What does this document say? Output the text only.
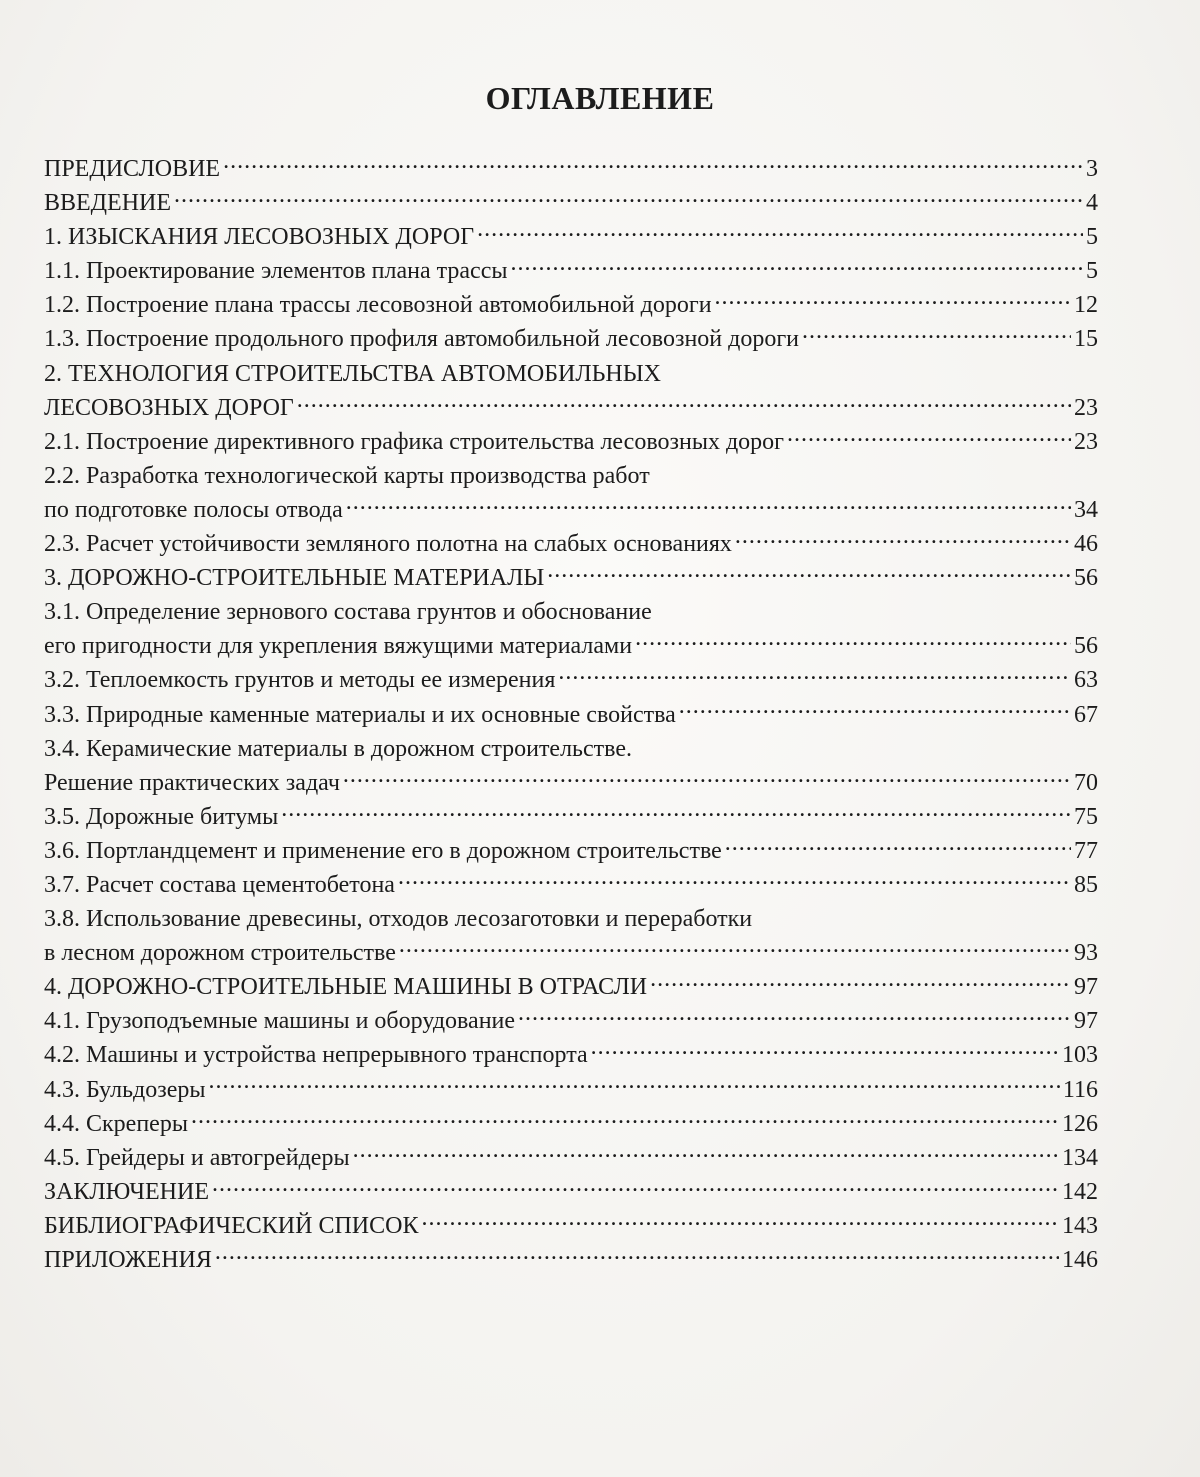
ОГЛАВЛЕНИЕ
ПРЕДИСЛОВИЕ .....	3
ВВЕДЕНИЕ .....	4
1. ИЗЫСКАНИЯ ЛЕСОВОЗНЫХ ДОРОГ .....	5
1.1. Проектирование элементов плана трассы .....	5
1.2. Построение плана трассы лесовозной автомобильной дороги .....	12
1.3. Построение продольного профиля автомобильной лесовозной дороги .....	15
2. ТЕХНОЛОГИЯ СТРОИТЕЛЬСТВА АВТОМОБИЛЬНЫХ
ЛЕСОВОЗНЫХ ДОРОГ .....	23
2.1. Построение директивного графика строительства лесовозных дорог .....	23
2.2. Разработка технологической карты производства работ
по подготовке полосы отвода .....	34
2.3. Расчет устойчивости земляного полотна на слабых основаниях .....	46
3. ДОРОЖНО-СТРОИТЕЛЬНЫЕ МАТЕРИАЛЫ .....	56
3.1. Определение зернового состава грунтов и обоснование
его пригодности для укрепления вяжущими материалами .....	56
3.2. Теплоемкость грунтов и методы ее измерения .....	63
3.3. Природные каменные материалы и их основные свойства .....	67
3.4. Керамические материалы в дорожном строительстве.
Решение практических задач .....	70
3.5. Дорожные битумы .....	75
3.6. Портландцемент и применение его в дорожном строительстве .....	77
3.7. Расчет состава цементобетона .....	85
3.8. Использование древесины, отходов лесозаготовки и переработки
в лесном дорожном строительстве .....	93
4. ДОРОЖНО-СТРОИТЕЛЬНЫЕ МАШИНЫ В ОТРАСЛИ .....	97
4.1. Грузоподъемные машины и оборудование .....	97
4.2. Машины и устройства непрерывного транспорта .....	103
4.3. Бульдозеры .....	116
4.4. Скреперы .....	126
4.5. Грейдеры и автогрейдеры .....	134
ЗАКЛЮЧЕНИЕ .....	142
БИБЛИОГРАФИЧЕСКИЙ СПИСОК .....	143
ПРИЛОЖЕНИЯ .....	146
